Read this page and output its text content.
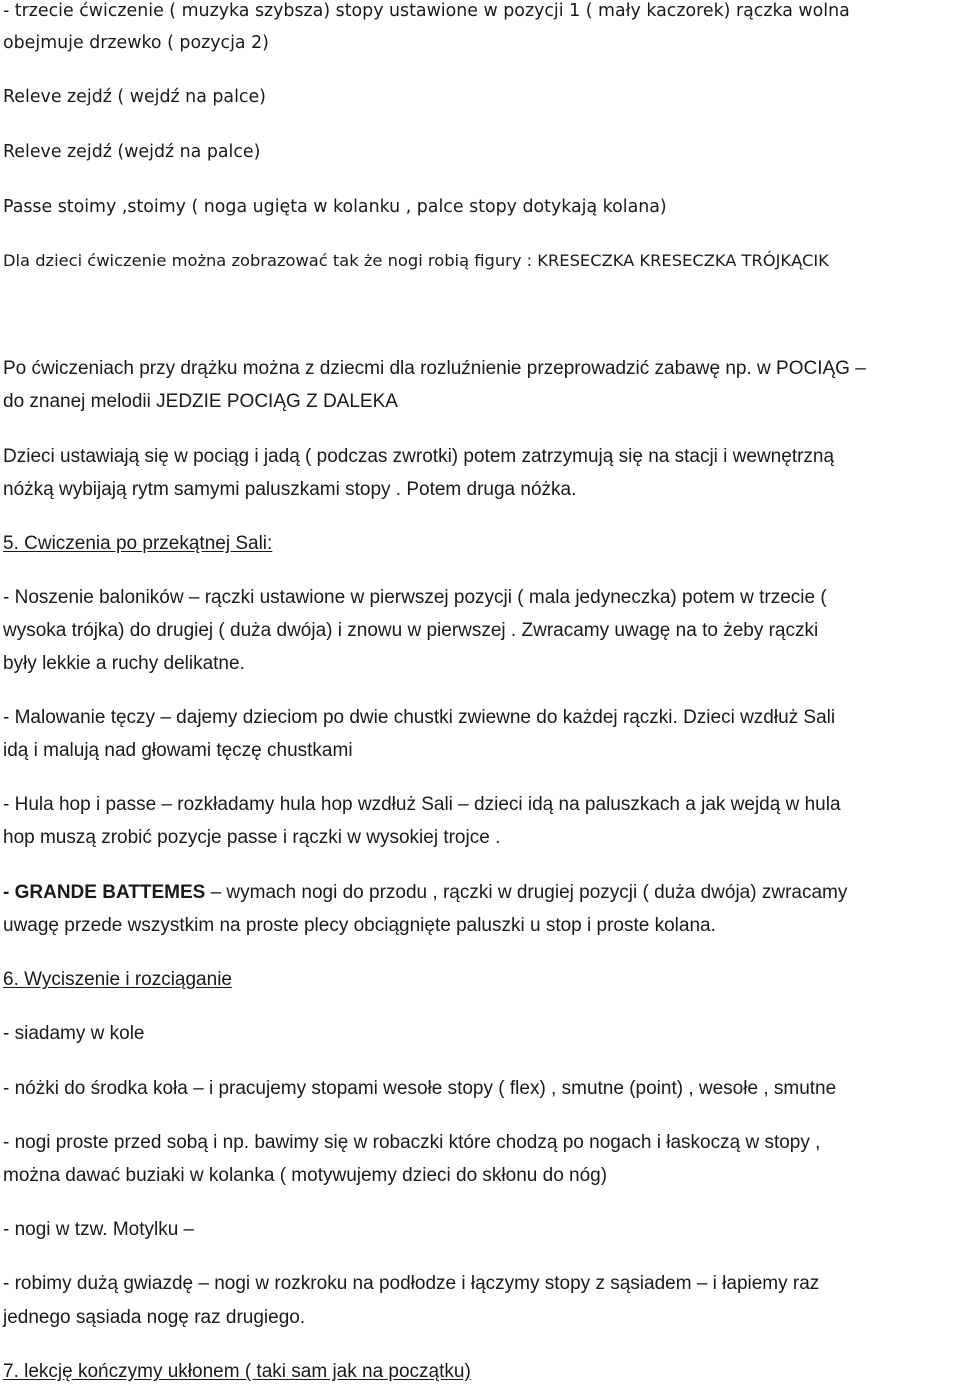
- trzecie ćwiczenie ( muzyka szybsza) stopy ustawione w pozycji 1 ( mały kaczorek) rączka wolna
obejmuje drzewko ( pozycja 2)
Releve zejdź ( wejdź na palce)
Releve zejdź (wejdź na palce)
Passe stoimy ,stoimy ( noga ugięta w kolanku , palce stopy dotykają kolana)
Dla dzieci ćwiczenie można zobrazować tak że nogi robią figury : KRESECZKA KRESECZKA TRÓJKĄCIK
Po ćwiczeniach przy drążku można z dziecmi dla rozluźnienie przeprowadzić zabawę np. w POCIĄG –
do znanej melodii JEDZIE POCIĄG Z DALEKA
Dzieci ustawiają się w pociąg i jadą ( podczas zwrotki) potem zatrzymują się na stacji i wewnętrzną
nóżką wybijają rytm samymi paluszkami stopy . Potem druga nóżka.
5. Cwiczenia po przekątnej Sali:
- Noszenie baloników – rączki ustawione w pierwszej pozycji ( mala jedyneczka) potem w trzecie (
wysoka trójka) do drugiej ( duża dwója) i znowu w pierwszej . Zwracamy uwagę na to żeby rączki
były lekkie a ruchy delikatne.
- Malowanie tęczy – dajemy dzieciom po dwie chustki zwiewne do każdej rączki. Dzieci wzdłuż Sali
idą i malują nad głowami tęczę chustkami
- Hula hop i passe – rozkładamy hula hop wzdłuż Sali – dzieci idą na paluszkach a jak wejdą w hula
hop muszą zrobić pozycje passe i rączki w wysokiej trojce .
- GRANDE BATTEMES – wymach nogi do przodu , rączki w drugiej pozycji ( duża dwója) zwracamy
uwagę przede wszystkim na proste plecy obciągnięte paluszki u stop i proste kolana.
6. Wyciszenie i rozciąganie
- siadamy w kole
- nóżki do środka koła – i pracujemy stopami wesołe stopy ( flex) , smutne (point) , wesołe , smutne
- nogi proste przed sobą i np. bawimy się w robaczki które chodzą po nogach i łaskoczą w stopy ,
można dawać buziaki w kolanka ( motywujemy dzieci do skłonu do nóg)
- nogi w tzw. Motylku –
- robimy dużą gwiazdę – nogi w rozkroku na podłodze i łączymy stopy z sąsiadem – i łapiemy raz
jednego sąsiada nogę raz drugiego.
7. lekcję kończymy ukłonem ( taki sam jak na początku)
